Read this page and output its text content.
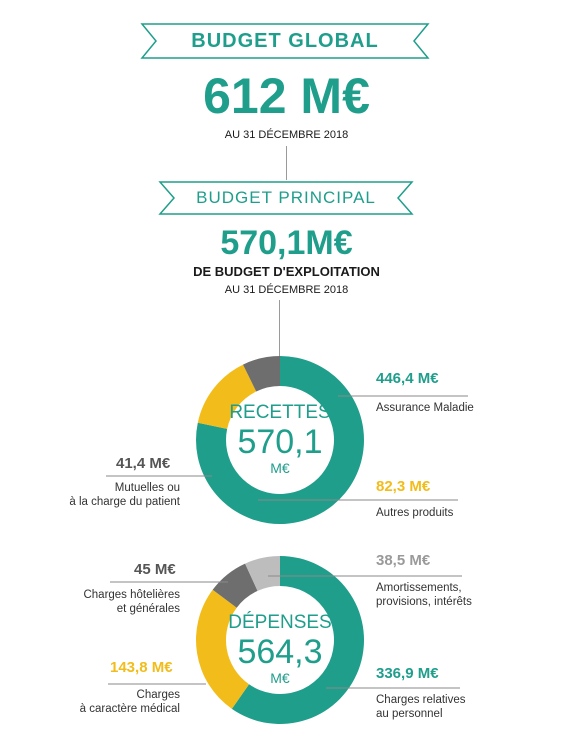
BUDGET GLOBAL
612 M€
AU 31 DÉCEMBRE 2018
BUDGET PRINCIPAL
570,1M€
DE BUDGET D'EXPLOITATION
AU 31 DÉCEMBRE 2018
RECETTES
570,1
M€
446,4 M€
Assurance Maladie
82,3 M€
Autres produits
41,4 M€
Mutuelles ou
à la charge du patient
DÉPENSES
564,3
M€
38,5 M€
Amortissements,
provisions, intérêts
45 M€
Charges hôtelières
et générales
143,8 M€
Charges
à caractère médical
336,9 M€
Charges relatives
au personnel
